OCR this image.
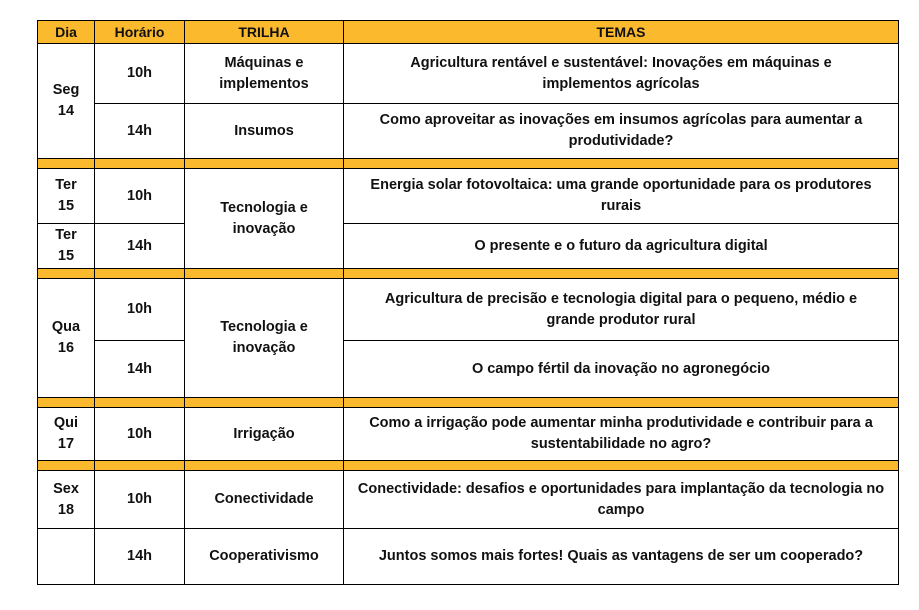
Dia	Horário	TRILHA	TEMAS
Seg 14	10h	Máquinas e implementos	Agricultura rentável e sustentável: Inovações em máquinas e implementos agrícolas
	14h	Insumos	Como aproveitar as inovações em insumos agrícolas para aumentar a produtividade?

Ter 15	10h	Tecnologia e inovação	Energia solar fotovoltaica: uma grande oportunidade para os produtores rurais
Ter 15	14h		O presente e o futuro da agricultura digital

Qua 16	10h	Tecnologia e inovação	Agricultura de precisão e tecnologia digital para o pequeno, médio e grande produtor rural
	14h		O campo fértil da inovação no agronegócio

Qui 17	10h	Irrigação	Como a irrigação pode aumentar minha produtividade e contribuir para a sustentabilidade no agro?

Sex 18	10h	Conectividade	Conectividade: desafios e oportunidades para implantação da tecnologia no campo
	14h	Cooperativismo	Juntos somos mais fortes! Quais as vantagens de ser um cooperado?
